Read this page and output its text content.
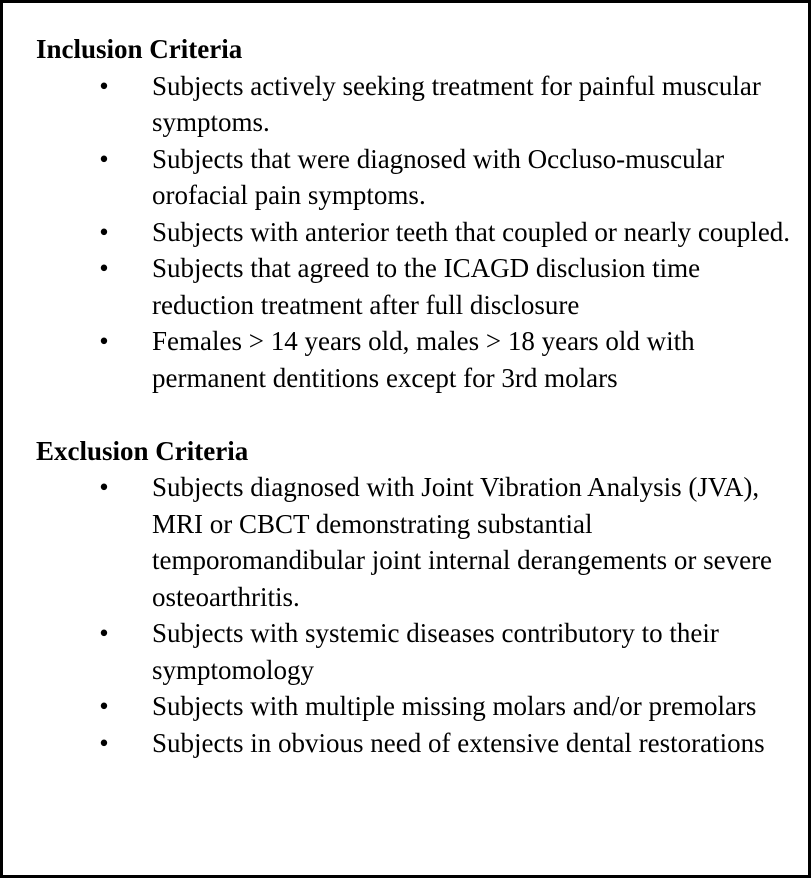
Inclusion Criteria
• Subjects actively seeking treatment for painful muscular symptoms.
• Subjects that were diagnosed with Occluso-muscular orofacial pain symptoms.
• Subjects with anterior teeth that coupled or nearly coupled.
• Subjects that agreed to the ICAGD disclusion time reduction treatment after full disclosure
• Females > 14 years old, males > 18 years old with permanent dentitions except for 3rd molars
Exclusion Criteria
• Subjects diagnosed with Joint Vibration Analysis (JVA), MRI or CBCT demonstrating substantial temporomandibular joint internal derangements or severe osteoarthritis.
• Subjects with systemic diseases contributory to their symptomology
• Subjects with multiple missing molars and/or premolars
• Subjects in obvious need of extensive dental restorations
